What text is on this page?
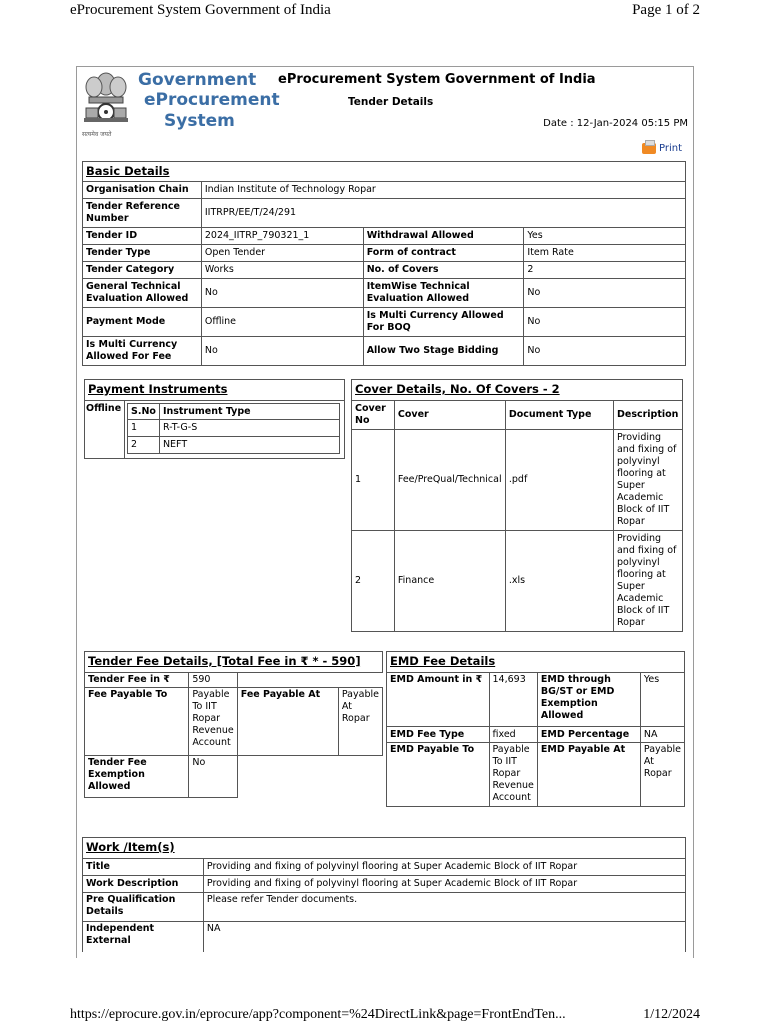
eProcurement System Government of India	Page 1 of 2
https://eprocure.gov.in/eprocure/app?component=%24DirectLink&page=FrontEndTen...	1/12/2024
Government
eProcurement
System
सत्यमेव जयते
eProcurement System Government of India
Tender Details
Date : 12-Jan-2024 05:15 PM
Print
Basic Details			
Organisation Chain	Indian Institute of Technology Ropar		
Tender Reference Number	IITRPR/EE/T/24/291		
Tender ID	2024_IITRP_790321_1	Withdrawal Allowed	Yes
Tender Type	Open Tender	Form of contract	Item Rate
Tender Category	Works	No. of Covers	2
General Technical Evaluation Allowed	No	ItemWise Technical Evaluation Allowed	No
Payment Mode	Offline	Is Multi Currency Allowed For BOQ	No
Is Multi Currency Allowed For Fee	No	Allow Two Stage Bidding	No
Payment Instruments
Offline	S.No	Instrument Type
1	R-T-G-S
2	NEFT
Cover Details, No. Of Covers - 2			
Cover No	Cover	Document Type	Description
1	Fee/PreQual/Technical	.pdf	Providing and fixing of polyvinyl flooring at Super Academic Block of IIT Ropar
2	Finance	.xls	Providing and fixing of polyvinyl flooring at Super Academic Block of IIT Ropar
Tender Fee Details, [Total Fee in ₹ * - 590]			
Tender Fee in ₹	590		
Fee Payable To	Payable To IIT Ropar Revenue Account	Fee Payable At	Payable At Ropar
Tender Fee Exemption Allowed	No		
EMD Fee Details			
EMD Amount in ₹	14,693	EMD through BG/ST or EMD Exemption Allowed	Yes
EMD Fee Type	fixed	EMD Percentage	NA
EMD Payable To	Payable To IIT Ropar Revenue Account	EMD Payable At	Payable At Ropar
Work /Item(s)	
Title	Providing and fixing of polyvinyl flooring at Super Academic Block of IIT Ropar
Work Description	Providing and fixing of polyvinyl flooring at Super Academic Block of IIT Ropar
Pre Qualification Details	Please refer Tender documents.
Independent External	NA
